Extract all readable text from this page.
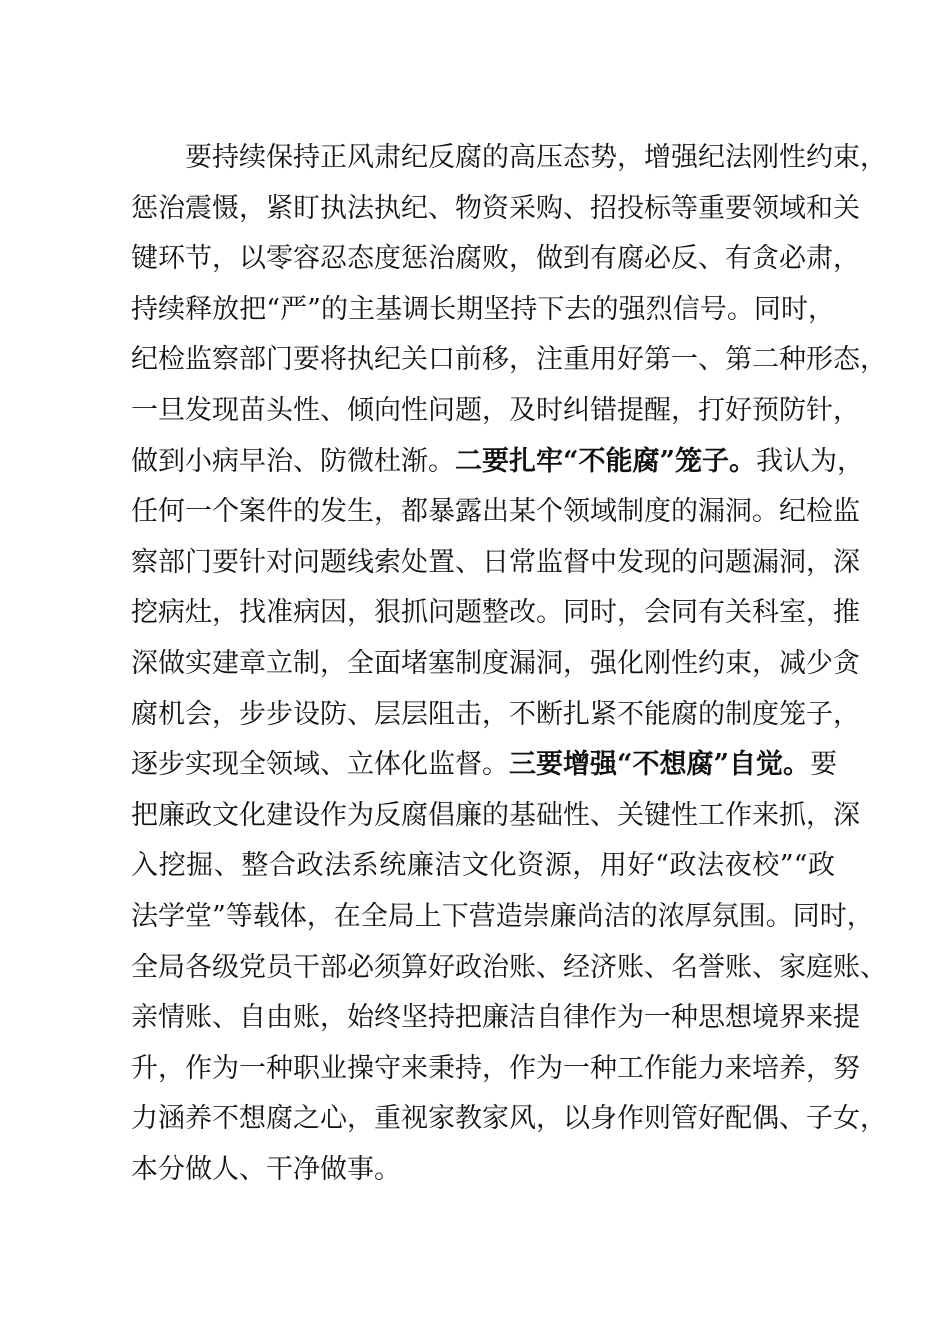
要持续保持正风肃纪反腐的高压态势，增强纪法刚性约束，
惩治震慑，紧盯执法执纪、物资采购、招投标等重要领域和关
键环节，以零容忍态度惩治腐败，做到有腐必反、有贪必肃，
持续释放把“严”的主基调长期坚持下去的强烈信号。同时，
纪检监察部门要将执纪关口前移，注重用好第一、第二种形态，
一旦发现苗头性、倾向性问题，及时纠错提醒，打好预防针，
做到小病早治、防微杜渐。二要扎牢“不能腐”笼子。我认为，
任何一个案件的发生，都暴露出某个领域制度的漏洞。纪检监
察部门要针对问题线索处置、日常监督中发现的问题漏洞，深
挖病灶，找准病因，狠抓问题整改。同时，会同有关科室，推
深做实建章立制，全面堵塞制度漏洞，强化刚性约束，减少贪
腐机会，步步设防、层层阻击，不断扎紧不能腐的制度笼子，
逐步实现全领域、立体化监督。三要增强“不想腐”自觉。要
把廉政文化建设作为反腐倡廉的基础性、关键性工作来抓，深
入挖掘、整合政法系统廉洁文化资源，用好“政法夜校”“政
法学堂”等载体，在全局上下营造崇廉尚洁的浓厚氛围。同时，
全局各级党员干部必须算好政治账、经济账、名誉账、家庭账、
亲情账、自由账，始终坚持把廉洁自律作为一种思想境界来提
升，作为一种职业操守来秉持，作为一种工作能力来培养，努
力涵养不想腐之心，重视家教家风，以身作则管好配偶、子女，
本分做人、干净做事。
